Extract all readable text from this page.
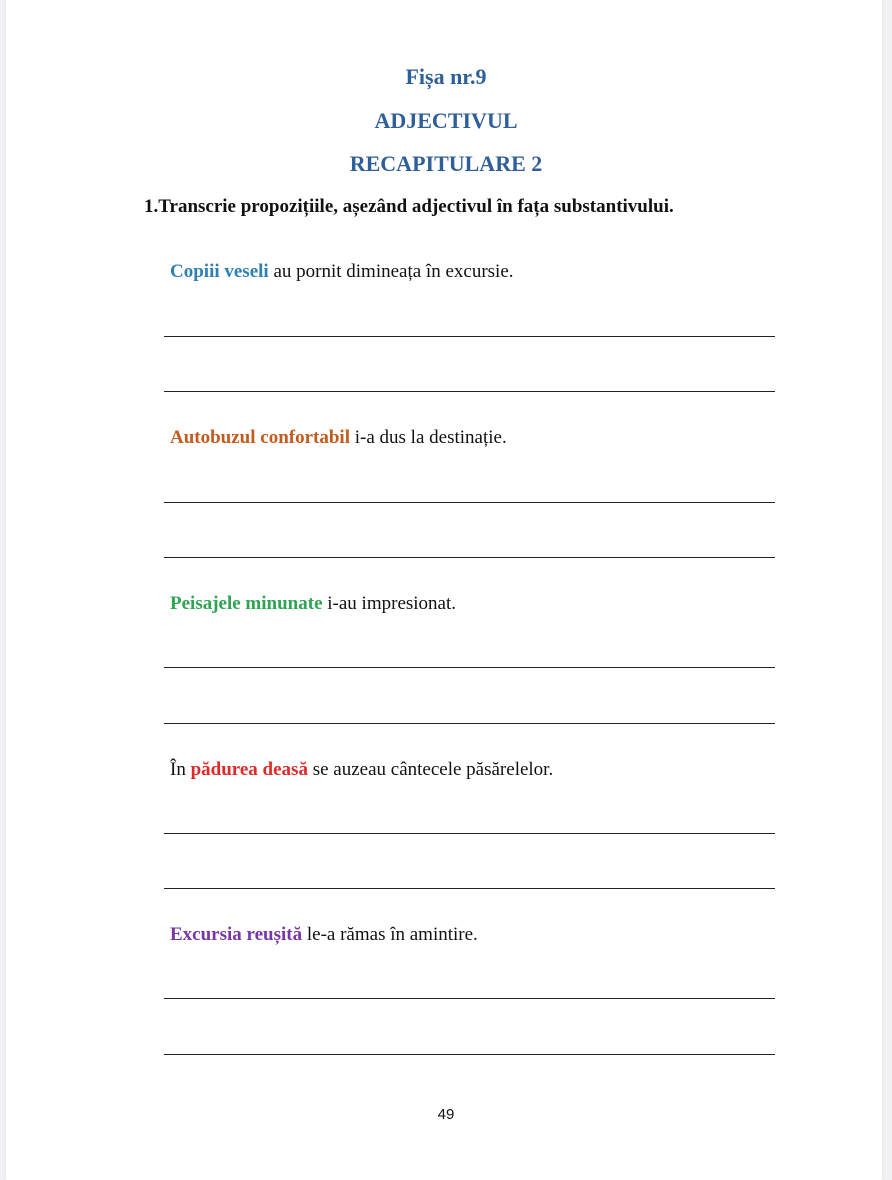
Fișa nr.9
ADJECTIVUL
RECAPITULARE 2
1.Transcrie propozițiile, așezând adjectivul în fața substantivului.
Copiii veseli au pornit dimineața în excursie.
Autobuzul confortabil i-a dus la destinație.
Peisajele minunate i-au impresionat.
În pădurea deasă se auzeau cântecele păsărelelor.
Excursia reușită le-a rămas în amintire.
49
